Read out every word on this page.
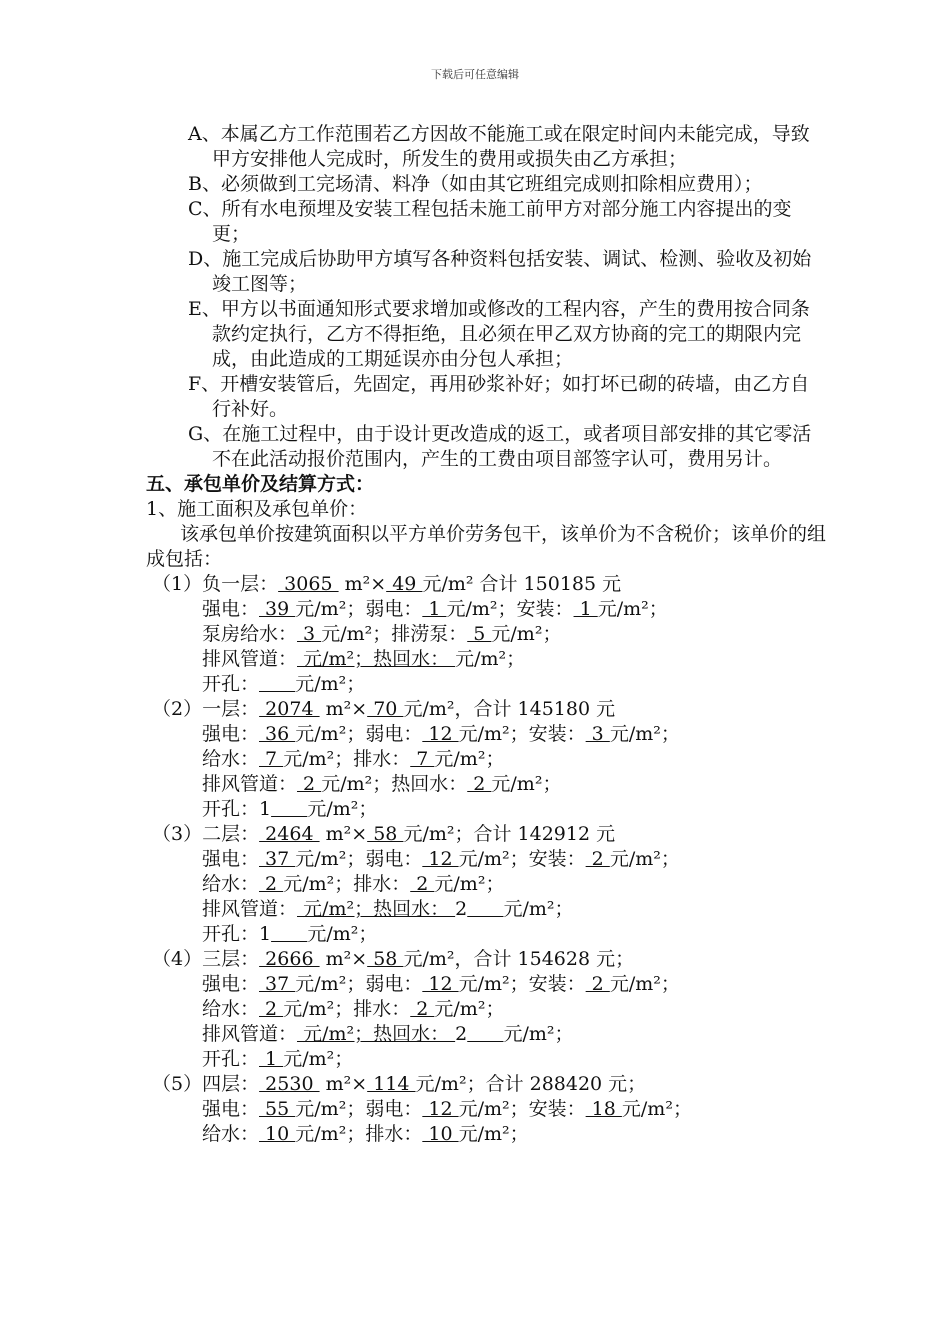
下载后可任意编辑
A、本属乙方工作范围若乙方因故不能施工或在限定时间内未能完成，导致甲方安排他人完成时，所发生的费用或损失由乙方承担；
B、必须做到工完场清、料净（如由其它班组完成则扣除相应费用）；
C、所有水电预埋及安装工程包括未施工前甲方对部分施工内容提出的变更；
D、施工完成后协助甲方填写各种资料包括安装、调试、检测、验收及初始竣工图等；
E、甲方以书面通知形式要求增加或修改的工程内容，产生的费用按合同条款约定执行，乙方不得拒绝，且必须在甲乙双方协商的完工的期限内完成，由此造成的工期延误亦由分包人承担；
F、开槽安装管后，先固定，再用砂浆补好；如打坏已砌的砖墙，由乙方自行补好。
G、在施工过程中，由于设计更改造成的返工，或者项目部安排的其它零活不在此活动报价范围内，产生的工费由项目部签字认可，费用另计。
五、承包单价及结算方式：
1、施工面积及承包单价：
该承包单价按建筑面积以平方单价劳务包干，该单价为不含税价；该单价的组成包括：
（1）负一层： 3065  m²× 49 元/m² 合计 150185 元
强电： 39 元/m²；弱电： 1 元/m²；安装： 1 元/m²；
泵房给水： 3 元/m²；排涝泵： 5 元/m²；
排风管道： 元/m²；热回水： 元/m²；
开孔： 元/m²；
（2）一层： 2074  m²× 70 元/m²，合计 145180 元
强电： 36 元/m²；弱电： 12 元/m²；安装： 3 元/m²；
给水： 7 元/m²；排水： 7 元/m²；
排风管道： 2 元/m²；热回水： 2 元/m²；
开孔：1 元/m²；
（3）二层： 2464  m²× 58 元/m²；合计 142912 元
强电： 37 元/m²；弱电： 12 元/m²；安装： 2 元/m²；
给水： 2 元/m²；排水： 2 元/m²；
排风管道： 元/m²；热回水： 2 元/m²；
开孔：1 元/m²；
（4）三层： 2666  m²× 58 元/m²，合计 154628 元；
强电： 37 元/m²；弱电： 12 元/m²；安装： 2 元/m²；
给水： 2 元/m²；排水： 2 元/m²；
排风管道： 元/m²；热回水： 2 元/m²；
开孔： 1 元/m²；
（5）四层： 2530  m²× 114 元/m²；合计 288420 元；
强电： 55 元/m²；弱电： 12 元/m²；安装： 18 元/m²；
给水： 10 元/m²；排水： 10 元/m²；
